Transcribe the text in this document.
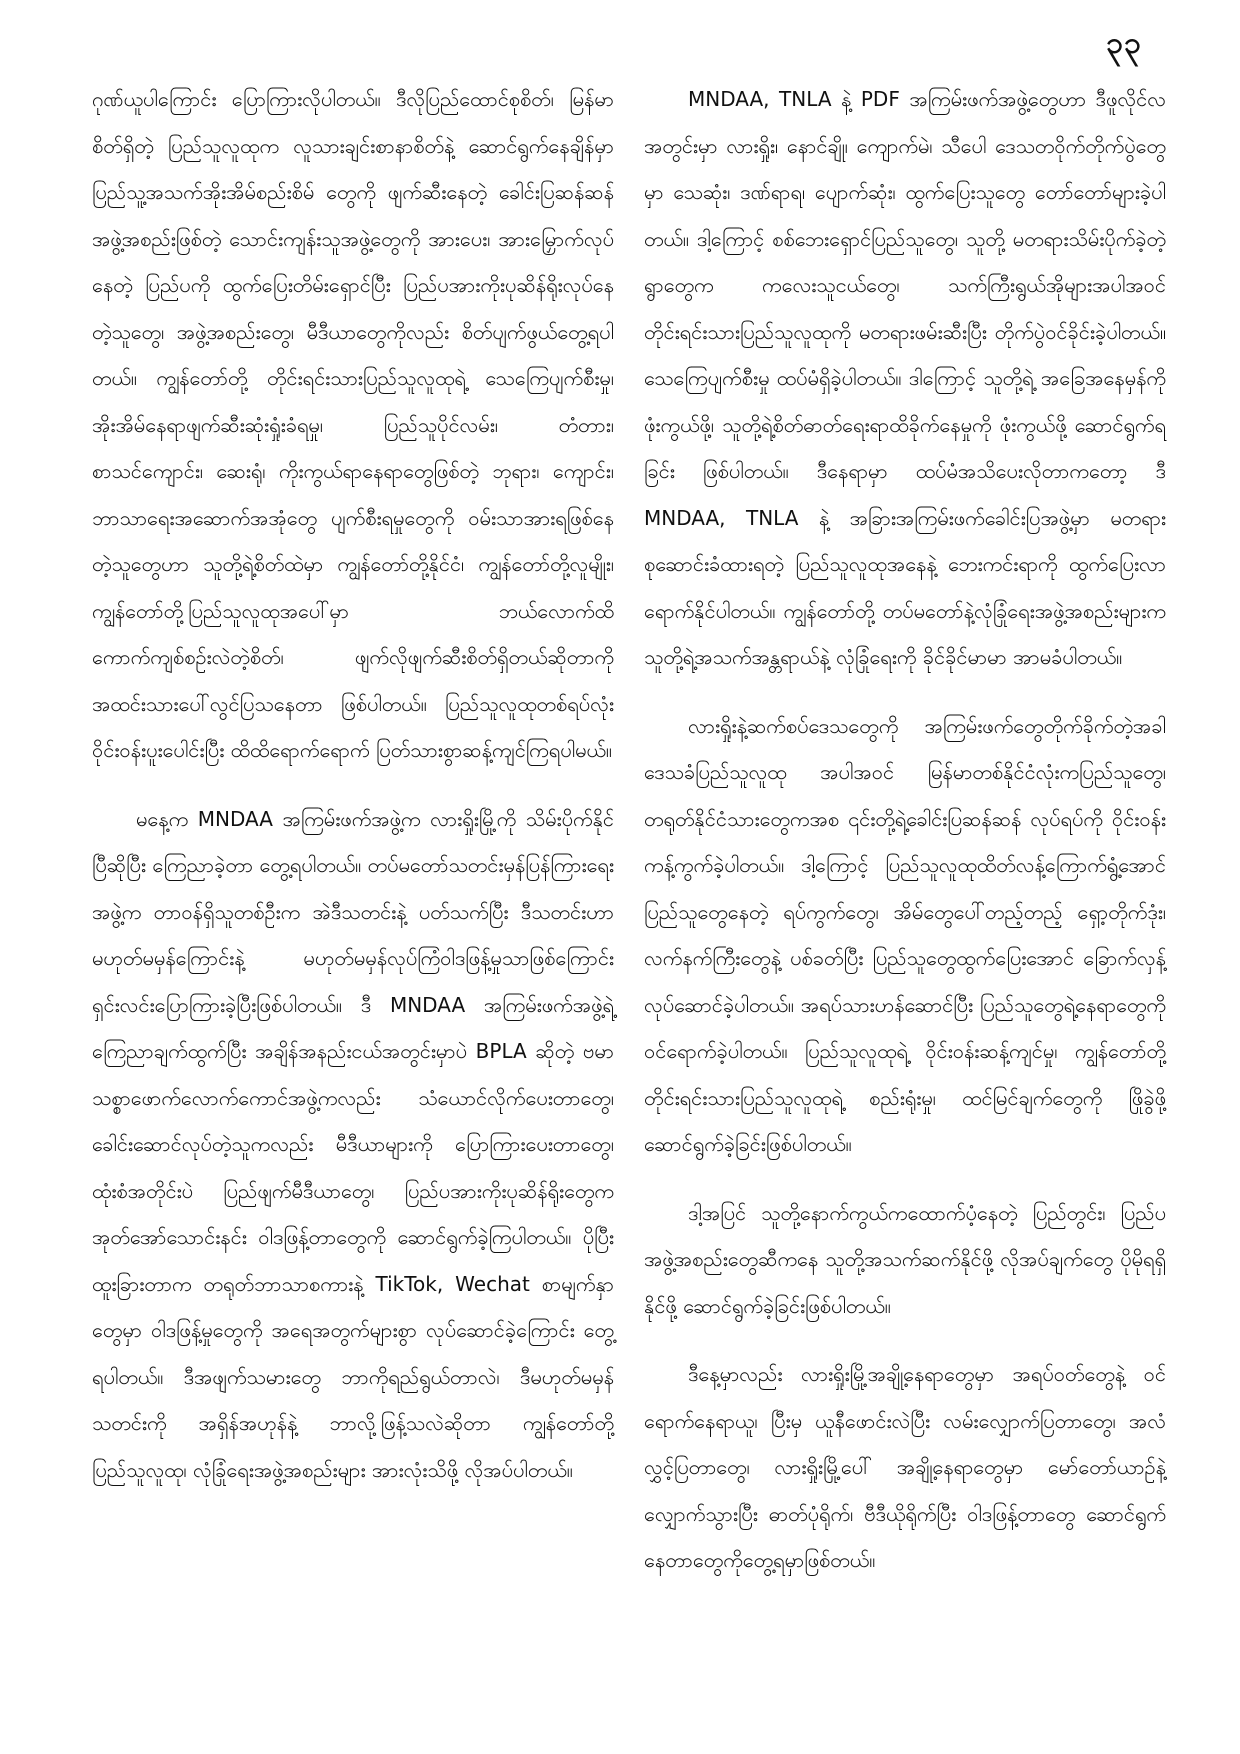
၃၃

ဂုဏ်ယူပါကြောင်း ပြောကြားလိုပါတယ်။ ဒီလိုပြည်ထောင်စုစိတ်၊ မြန်မာစိတ်ရှိတဲ့ ပြည်သူလူထုက လူသားချင်းစာနာစိတ်နဲ့ ဆောင်ရွက်နေချိန်မှာ ပြည်သူ့အသက်အိုးအိမ်စည်းစိမ် တွေကို ဖျက်ဆီးနေတဲ့ ခေါင်းပြဆန်ဆန်အဖွဲ့အစည်းဖြစ်တဲ့ သောင်းကျန်းသူအဖွဲ့တွေကို အားပေး၊ အားမြှောက်လုပ်နေတဲ့ ပြည်ပကို ထွက်ပြေးတိမ်းရှောင်ပြီး ပြည်ပအားကိုးပုဆိန်ရိုးလုပ်နေတဲ့သူတွေ၊ အဖွဲ့အစည်းတွေ၊ မီဒီယာတွေကိုလည်း စိတ်ပျက်ဖွယ်တွေ့ရပါတယ်။ ကျွန်တော်တို့ တိုင်းရင်းသားပြည်သူလူထုရဲ့ သေကြေပျက်စီးမှု၊ အိုးအိမ်နေရာဖျက်ဆီးဆုံးရှုံးခံရမှု၊ ပြည်သူပိုင်လမ်း၊ တံတား၊ စာသင်ကျောင်း၊ ဆေးရုံ၊ ကိုးကွယ်ရာနေရာတွေဖြစ်တဲ့ ဘုရား၊ ကျောင်း၊ ဘာသာရေးအဆောက်အအုံတွေ ပျက်စီးရမှုတွေကို ဝမ်းသာအားရဖြစ်နေတဲ့သူတွေဟာ သူတို့ရဲ့စိတ်ထဲမှာ ကျွန်တော်တို့နိုင်ငံ၊ ကျွန်တော်တို့လူမျိုး၊ ကျွန်တော်တို့ပြည်သူလူထုအပေါ်မှာ ဘယ်လောက်ထိ ကောက်ကျစ်စဉ်းလဲတဲ့စိတ်၊ ဖျက်လိုဖျက်ဆီးစိတ်ရှိတယ်ဆိုတာကို အထင်းသားပေါ်လွင်ပြသနေတာ ဖြစ်ပါတယ်။ ပြည်သူလူထုတစ်ရပ်လုံး ဝိုင်းဝန်းပူးပေါင်းပြီး ထိထိရောက်ရောက် ပြတ်သားစွာဆန့်ကျင်ကြရပါမယ်။

မနေ့က MNDAA အကြမ်းဖက်အဖွဲ့က လားရှိုးမြို့ကို သိမ်းပိုက်နိုင်ပြီဆိုပြီး ကြေညာခဲ့တာ တွေ့ရပါတယ်။ တပ်မတော်သတင်းမှန်ပြန်ကြားရေးအဖွဲ့က တာဝန်ရှိသူတစ်ဦးက အဲဒီသတင်းနဲ့ ပတ်သက်ပြီး ဒီသတင်းဟာ မဟုတ်မမှန်ကြောင်းနဲ့ မဟုတ်မမှန်လုပ်ကြံဝါဒဖြန့်မှုသာဖြစ်ကြောင်း ရှင်းလင်းပြောကြားခဲ့ပြီးဖြစ်ပါတယ်။ ဒီ MNDAA အကြမ်းဖက်အဖွဲ့ရဲ့ကြေညာချက်ထွက်ပြီး အချိန်အနည်းငယ်အတွင်းမှာပဲ BPLA ဆိုတဲ့ ဗမာသစ္စာဖောက်လောက်ကောင်အဖွဲ့ကလည်း သံယောင်လိုက်ပေးတာတွေ၊ ခေါင်းဆောင်လုပ်တဲ့သူကလည်း မီဒီယာများကို ပြောကြားပေးတာတွေ၊ ထုံးစံအတိုင်းပဲ ပြည်ဖျက်မီဒီယာတွေ၊ ပြည်ပအားကိုးပုဆိန်ရိုးတွေက အုတ်အော်သောင်းနင်း ဝါဒဖြန့်တာတွေကို ဆောင်ရွက်ခဲ့ကြပါတယ်။ ပိုပြီးထူးခြားတာက တရုတ်ဘာသာစကားနဲ့ TikTok, Wechat စာမျက်နှာတွေမှာ ဝါဒဖြန့်မှုတွေကို အရေအတွက်များစွာ လုပ်ဆောင်ခဲ့ကြောင်း တွေ့ရပါတယ်။ ဒီအဖျက်သမားတွေ ဘာကိုရည်ရွယ်တာလဲ၊ ဒီမဟုတ်မမှန်သတင်းကို အရှိန်အဟုန်နဲ့ ဘာလို့ဖြန့်သလဲဆိုတာ ကျွန်တော်တို့ ပြည်သူလူထု၊ လုံခြုံရေးအဖွဲ့အစည်းများ အားလုံးသိဖို့ လိုအပ်ပါတယ်။

MNDAA, TNLA နဲ့ PDF အကြမ်းဖက်အဖွဲ့တွေဟာ ဒီဖူလိုင်လအတွင်းမှာ လားရှိုး၊ နောင်ချို၊ ကျောက်မဲ၊ သီပေါ ဒေသတဝိုက်တိုက်ပွဲတွေမှာ သေဆုံး၊ ဒဏ်ရာရ၊ ပျောက်ဆုံး၊ ထွက်ပြေးသူတွေ တော်တော်များခဲ့ပါတယ်။ ဒါ့ကြောင့် စစ်ဘေးရှောင်ပြည်သူတွေ၊ သူတို့ မတရားသိမ်းပိုက်ခဲ့တဲ့ ရွာတွေက ကလေးသူငယ်တွေ၊ သက်ကြီးရွယ်အိုများအပါအဝင် တိုင်းရင်းသားပြည်သူလူထုကို မတရားဖမ်းဆီးပြီး တိုက်ပွဲဝင်ခိုင်းခဲ့ပါတယ်။ သေကြေပျက်စီးမှု ထပ်မံရှိခဲ့ပါတယ်။ ဒါကြောင့် သူတို့ရဲ့ အခြေအနေမှန်ကိုဖုံးကွယ်ဖို့၊ သူတို့ရဲ့စိတ်ဓာတ်ရေးရာထိခိုက်နေမှုကို ဖုံးကွယ်ဖို့ ဆောင်ရွက်ရခြင်း ဖြစ်ပါတယ်။ ဒီနေရာမှာ ထပ်မံအသိပေးလိုတာကတော့ ဒီ MNDAA, TNLA နဲ့ အခြားအကြမ်းဖက်ခေါင်းပြအဖွဲ့မှာ မတရားစုဆောင်းခံထားရတဲ့ ပြည်သူလူထုအနေနဲ့ ဘေးကင်းရာကို ထွက်ပြေးလာရောက်နိုင်ပါတယ်။ ကျွန်တော်တို့ တပ်မတော်နဲ့လုံခြုံရေးအဖွဲ့အစည်းများက သူတို့ရဲ့အသက်အန္တရာယ်နဲ့ လုံခြုံရေးကို ခိုင်ခိုင်မာမာ အာမခံပါတယ်။

လားရှိုးနဲ့ဆက်စပ်ဒေသတွေကို အကြမ်းဖက်တွေတိုက်ခိုက်တဲ့အခါ ဒေသခံပြည်သူလူထု အပါအဝင် မြန်မာတစ်နိုင်ငံလုံးကပြည်သူတွေ၊ တရုတ်နိုင်ငံသားတွေကအစ ၎င်းတို့ရဲ့ခေါင်းပြဆန်ဆန် လုပ်ရပ်ကို ဝိုင်းဝန်းကန့်ကွက်ခဲ့ပါတယ်။ ဒါ့ကြောင့် ပြည်သူလူထုထိတ်လန့်ကြောက်ရွံ့အောင် ပြည်သူတွေနေတဲ့ ရပ်ကွက်တွေ၊ အိမ်တွေပေါ်တည့်တည့် ရှော့တိုက်ဒုံး၊ လက်နက်ကြီးတွေနဲ့ ပစ်ခတ်ပြီး ပြည်သူတွေထွက်ပြေးအောင် ခြောက်လှန့်လုပ်ဆောင်ခဲ့ပါတယ်။ အရပ်သားဟန်ဆောင်ပြီး ပြည်သူတွေရဲ့နေရာတွေကို ဝင်ရောက်ခဲ့ပါတယ်။ ပြည်သူလူထုရဲ့ ဝိုင်းဝန်းဆန့်ကျင်မှု၊ ကျွန်တော်တို့ တိုင်းရင်းသားပြည်သူလူထုရဲ့ စည်းရုံးမှု၊ ထင်မြင်ချက်တွေကို ဖြိုခွဲဖို့ ဆောင်ရွက်ခဲ့ခြင်းဖြစ်ပါတယ်။

ဒါ့အပြင် သူတို့နောက်ကွယ်ကထောက်ပံ့နေတဲ့ ပြည်တွင်း၊ ပြည်ပအဖွဲ့အစည်းတွေဆီကနေ သူတို့အသက်ဆက်နိုင်ဖို့ လိုအပ်ချက်တွေ ပိုမိုရရှိနိုင်ဖို့ ဆောင်ရွက်ခဲ့ခြင်းဖြစ်ပါတယ်။

ဒီနေ့မှာလည်း လားရှိုးမြို့အချို့နေရာတွေမှာ အရပ်ဝတ်တွေနဲ့ ဝင်ရောက်နေရာယူ၊ ပြီးမှ ယူနီဖောင်းလဲပြီး လမ်းလျှောက်ပြတာတွေ၊ အလံလွှင့်ပြတာတွေ၊ လားရှိုးမြို့ပေါ် အချို့နေရာတွေမှာ မော်တော်ယာဉ်နဲ့လျှောက်သွားပြီး ဓာတ်ပုံရိုက်၊ ဗီဒီယိုရိုက်ပြီး ဝါဒဖြန့်တာတွေ ဆောင်ရွက်နေတာတွေကိုတွေ့ရမှာဖြစ်တယ်။
